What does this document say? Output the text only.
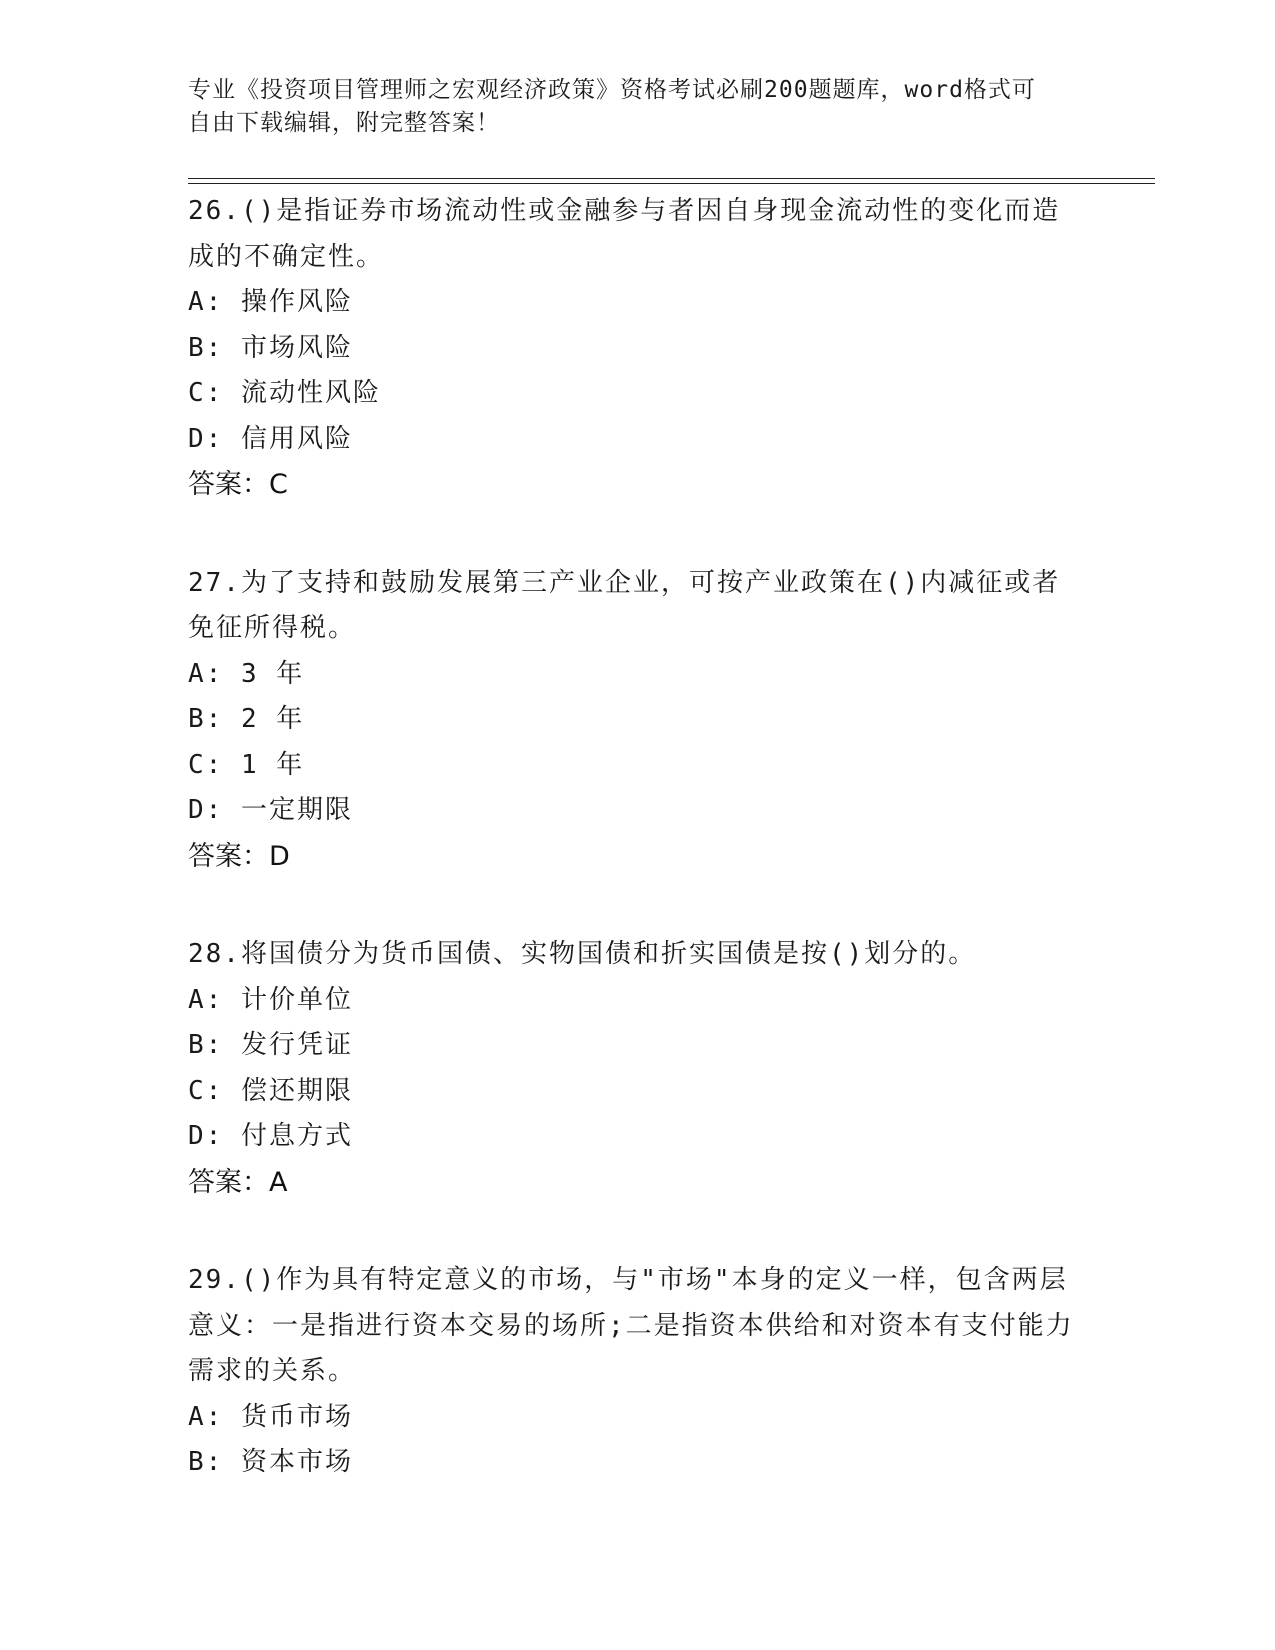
专业《投资项目管理师之宏观经济政策》资格考试必刷200题题库，word格式可
自由下载编辑，附完整答案！
26.()是指证券市场流动性或金融参与者因自身现金流动性的变化而造成的不确定性。
A: 操作风险
B: 市场风险
C: 流动性风险
D: 信用风险
答案：C
27.为了支持和鼓励发展第三产业企业，可按产业政策在()内减征或者免征所得税。
A: 3 年
B: 2 年
C: 1 年
D: 一定期限
答案：D
28.将国债分为货币国债、实物国债和折实国债是按()划分的。
A: 计价单位
B: 发行凭证
C: 偿还期限
D: 付息方式
答案：A
29.()作为具有特定意义的市场，与"市场"本身的定义一样，包含两层意义：一是指进行资本交易的场所;二是指资本供给和对资本有支付能力需求的关系。
A: 货币市场
B: 资本市场
